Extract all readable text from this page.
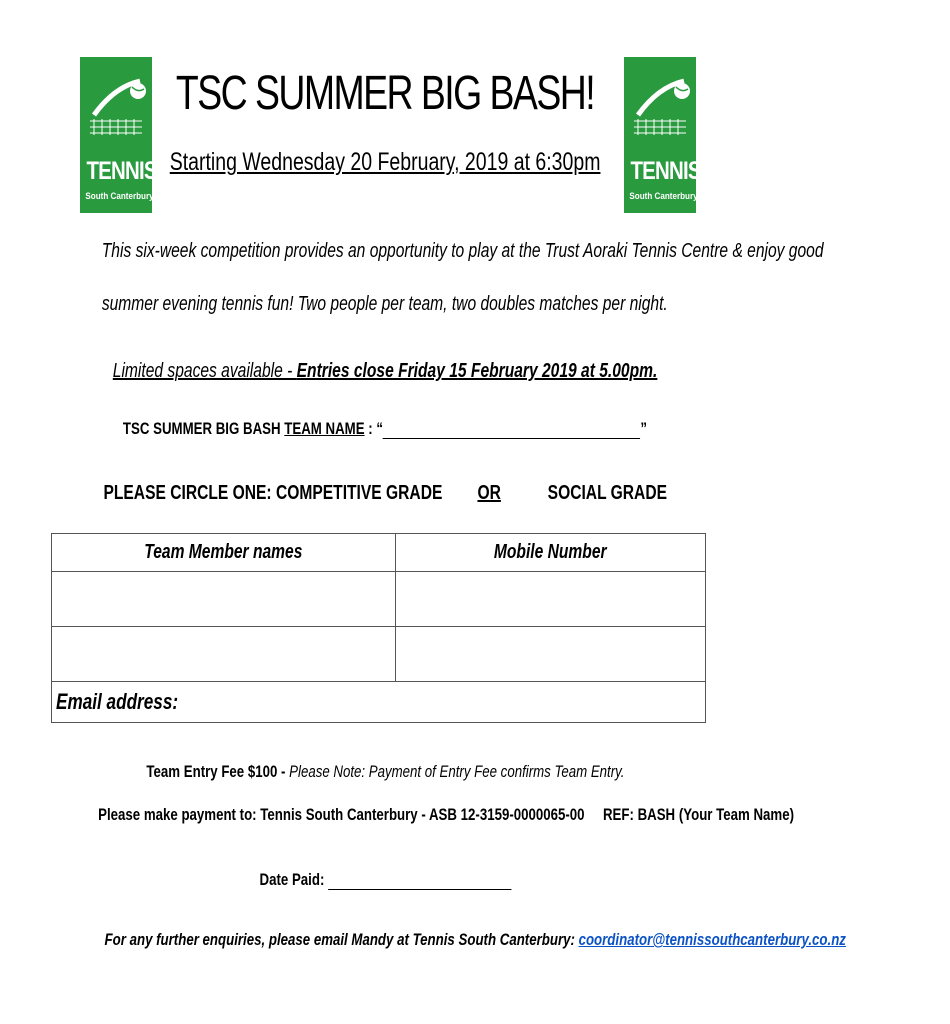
TENNIS
South Canterbury
TENNIS
South Canterbury
TSC SUMMER BIG BASH!
Starting Wednesday 20 February, 2019 at 6:30pm
This six-week competition provides an opportunity to play at the Trust Aoraki Tennis Centre & enjoy good
summer evening tennis fun! Two people per team, two doubles matches per night.
Limited spaces available - Entries close Friday 15 February 2019 at 5.00pm.
TSC SUMMER BIG BASH TEAM NAME : “	”
PLEASE CIRCLE ONE: COMPETITIVE GRADE OR SOCIAL GRADE
Team Member names	Mobile Number

Email address:	
Team Entry Fee $100 - Please Note: Payment of Entry Fee confirms Team Entry.
Please make payment to: Tennis South Canterbury - ASB 12-3159-0000065-00     REF: BASH (Your Team Name)
Date Paid:
For any further enquiries, please email Mandy at Tennis South Canterbury: coordinator@tennissouthcanterbury.co.nz
